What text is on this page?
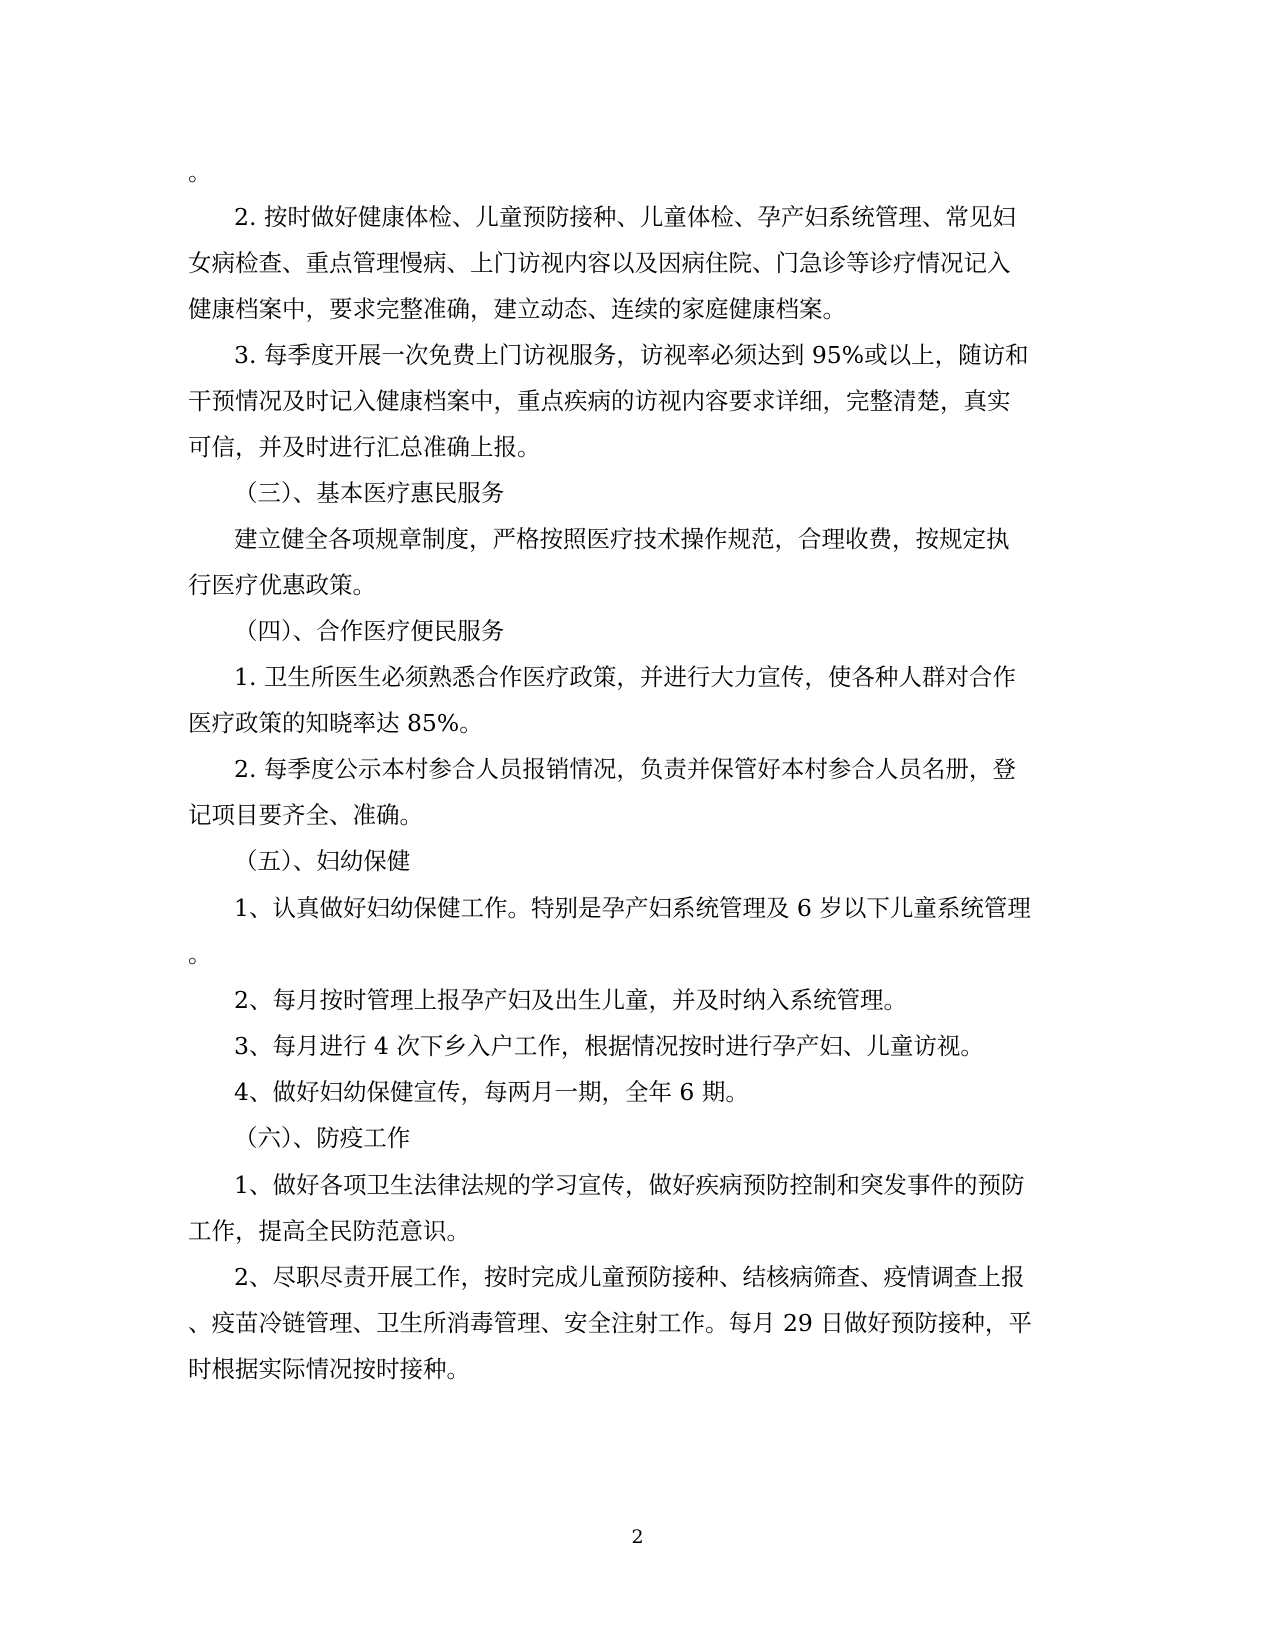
。
2. 按时做好健康体检、儿童预防接种、儿童体检、孕产妇系统管理、常见妇
女病检查、重点管理慢病、上门访视内容以及因病住院、门急诊等诊疗情况记入
健康档案中，要求完整准确，建立动态、连续的家庭健康档案。
3. 每季度开展一次免费上门访视服务，访视率必须达到 95%或以上，随访和
干预情况及时记入健康档案中，重点疾病的访视内容要求详细，完整清楚，真实
可信，并及时进行汇总准确上报。
（三）、基本医疗惠民服务
建立健全各项规章制度，严格按照医疗技术操作规范，合理收费，按规定执
行医疗优惠政策。
（四）、合作医疗便民服务
1. 卫生所医生必须熟悉合作医疗政策，并进行大力宣传，使各种人群对合作
医疗政策的知晓率达 85%。
2. 每季度公示本村参合人员报销情况，负责并保管好本村参合人员名册，登
记项目要齐全、准确。
（五）、妇幼保健
1、认真做好妇幼保健工作。特别是孕产妇系统管理及 6 岁以下儿童系统管理
。
2、每月按时管理上报孕产妇及出生儿童，并及时纳入系统管理。
3、每月进行 4 次下乡入户工作，根据情况按时进行孕产妇、儿童访视。
4、做好妇幼保健宣传，每两月一期，全年 6 期。
（六）、防疫工作
1、做好各项卫生法律法规的学习宣传，做好疾病预防控制和突发事件的预防
工作，提高全民防范意识。
2、尽职尽责开展工作，按时完成儿童预防接种、结核病筛查、疫情调查上报
、疫苗冷链管理、卫生所消毒管理、安全注射工作。每月 29 日做好预防接种，平
时根据实际情况按时接种。
2
